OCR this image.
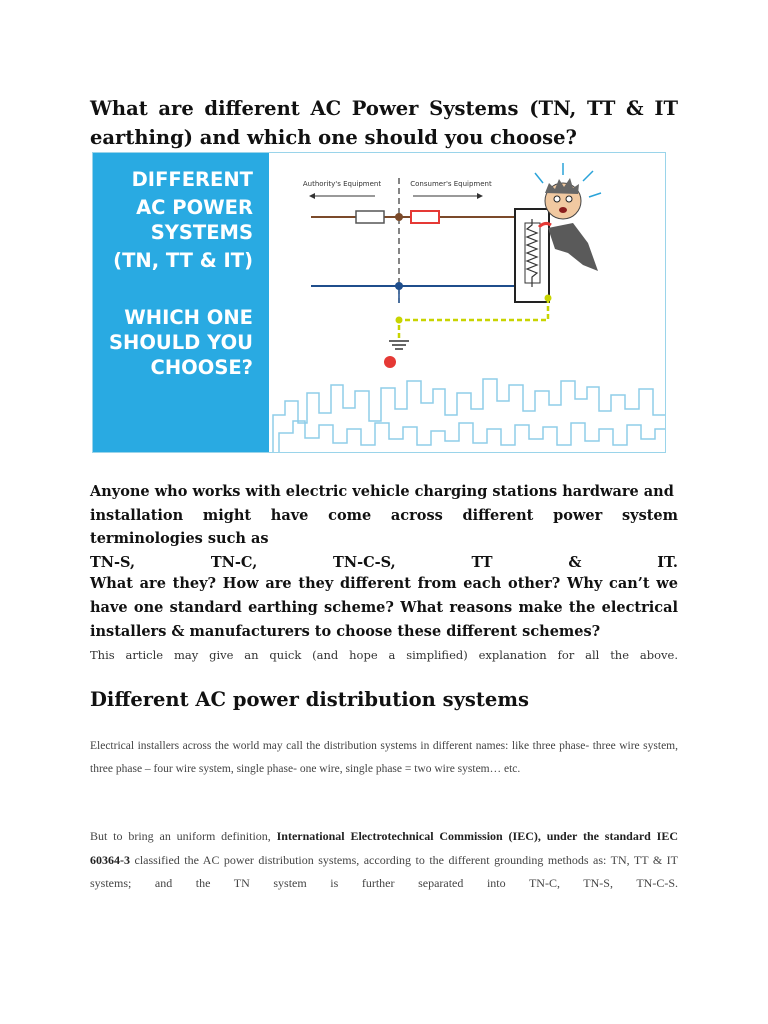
What are different AC Power Systems (TN, TT & IT earthing) and which one should you choose?
DIFFERENT
AC POWER
SYSTEMS
(TN, TT & IT)
WHICH ONE
SHOULD YOU
CHOOSE?
Authority's Equipment	Consumer's Equipment
Anyone who works with electric vehicle charging stations hardware and
installation might have come across different power system terminologies such as
TN-S,	TN-C,	TN-C-S,	TT	&	IT.

What are they? How are they different from each other? Why can’t we have one standard earthing scheme? What reasons make the electrical installers & manufacturers to choose these different schemes?

This article may give an quick (and hope a simplified) explanation for all the above.

Different AC power distribution systems

Electrical installers across the world may call the distribution systems in different names: like three phase- three wire system, three phase – four wire system, single phase- one wire, single phase = two wire system… etc.

But to bring an uniform definition, International Electrotechnical Commission (IEC), under the standard IEC 60364-3 classified the AC power distribution systems, according to the different grounding methods as: TN, TT & IT systems; and the TN system is further separated into TN-C, TN-S, TN-C-S.
